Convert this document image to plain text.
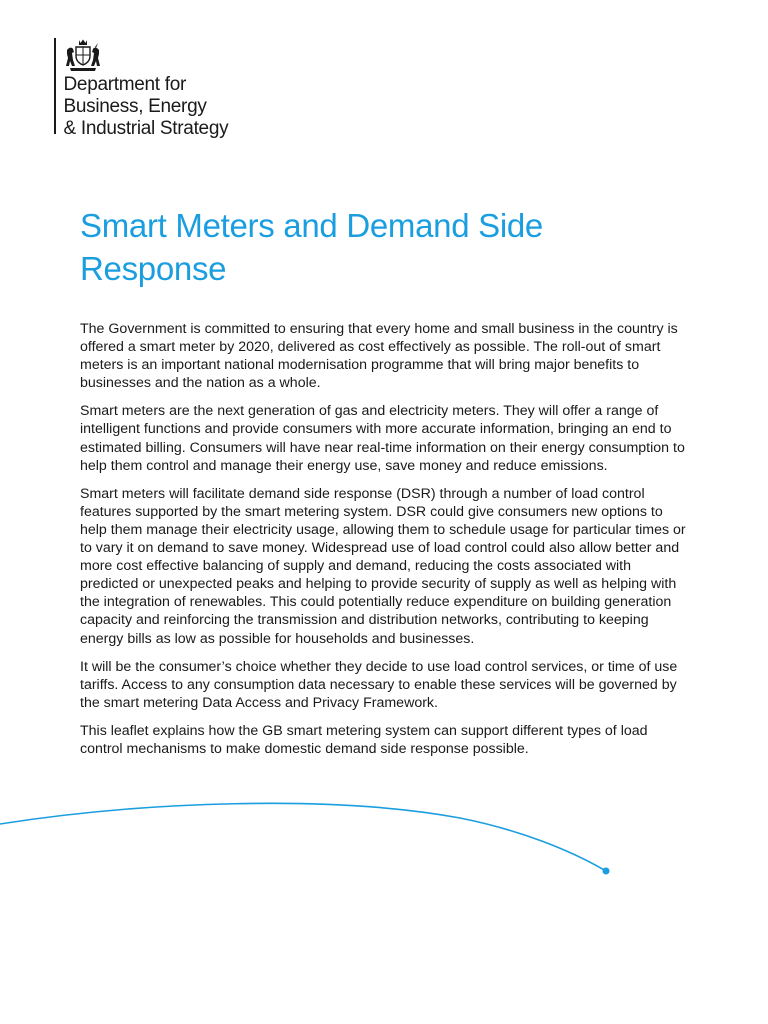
Department for
Business, Energy
& Industrial Strategy
Smart Meters and Demand Side
Response

The Government is committed to ensuring that every home and small business in the country is offered a smart meter by 2020, delivered as cost effectively as possible. The roll-out of smart meters is an important national modernisation programme that will bring major benefits to businesses and the nation as a whole.

Smart meters are the next generation of gas and electricity meters. They will offer a range of intelligent functions and provide consumers with more accurate information, bringing an end to estimated billing. Consumers will have near real-time information on their energy consumption to help them control and manage their energy use, save money and reduce emissions.

Smart meters will facilitate demand side response (DSR) through a number of load control features supported by the smart metering system. DSR could give consumers new options to help them manage their electricity usage, allowing them to schedule usage for particular times or to vary it on demand to save money. Widespread use of load control could also allow better and more cost effective balancing of supply and demand, reducing the costs associated with predicted or unexpected peaks and helping to provide security of supply as well as helping with the integration of renewables. This could potentially reduce expenditure on building generation capacity and reinforcing the transmission and distribution networks, contributing to keeping energy bills as low as possible for households and businesses.

It will be the consumer’s choice whether they decide to use load control services, or time of use tariffs. Access to any consumption data necessary to enable these services will be governed by the smart metering Data Access and Privacy Framework.

This leaflet explains how the GB smart metering system can support different types of load control mechanisms to make domestic demand side response possible.
